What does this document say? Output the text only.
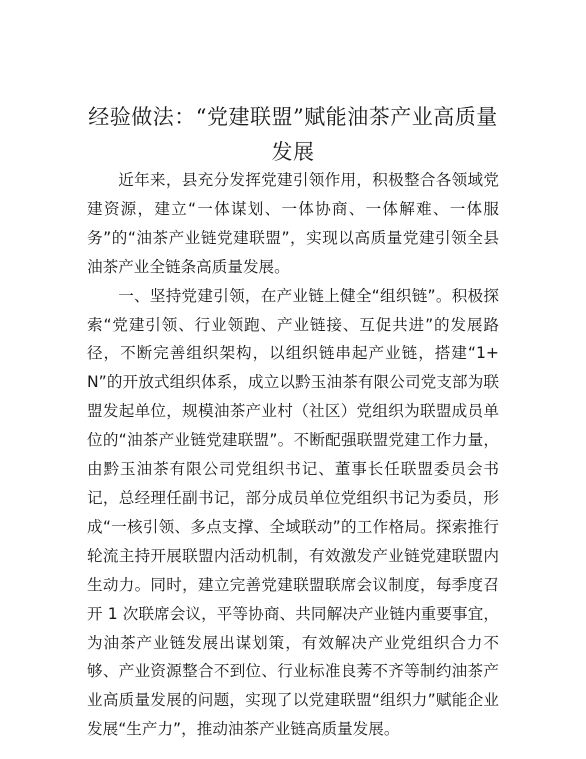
经验做法：“党建联盟”赋能油茶产业高质量发展

近年来，县充分发挥党建引领作用，积极整合各领域党建资源，建立“一体谋划、一体协商、一体解难、一体服务”的“油茶产业链党建联盟”，实现以高质量党建引领全县油茶产业全链条高质量发展。

一、坚持党建引领，在产业链上健全“组织链”。积极探索“党建引领、行业领跑、产业链接、互促共进”的发展路径，不断完善组织架构，以组织链串起产业链，搭建“1+N”的开放式组织体系，成立以黔玉油茶有限公司党支部为联盟发起单位，规模油茶产业村（社区）党组织为联盟成员单位的“油茶产业链党建联盟”。不断配强联盟党建工作力量，由黔玉油茶有限公司党组织书记、董事长任联盟委员会书记，总经理任副书记，部分成员单位党组织书记为委员，形成“一核引领、多点支撑、全域联动”的工作格局。探索推行轮流主持开展联盟内活动机制，有效激发产业链党建联盟内生动力。同时，建立完善党建联盟联席会议制度，每季度召开 1 次联席会议，平等协商、共同解决产业链内重要事宜，为油茶产业链发展出谋划策，有效解决产业党组织合力不够、产业资源整合不到位、行业标准良莠不齐等制约油茶产业高质量发展的问题，实现了以党建联盟“组织力”赋能企业发展“生产力”，推动油茶产业链高质量发展。
